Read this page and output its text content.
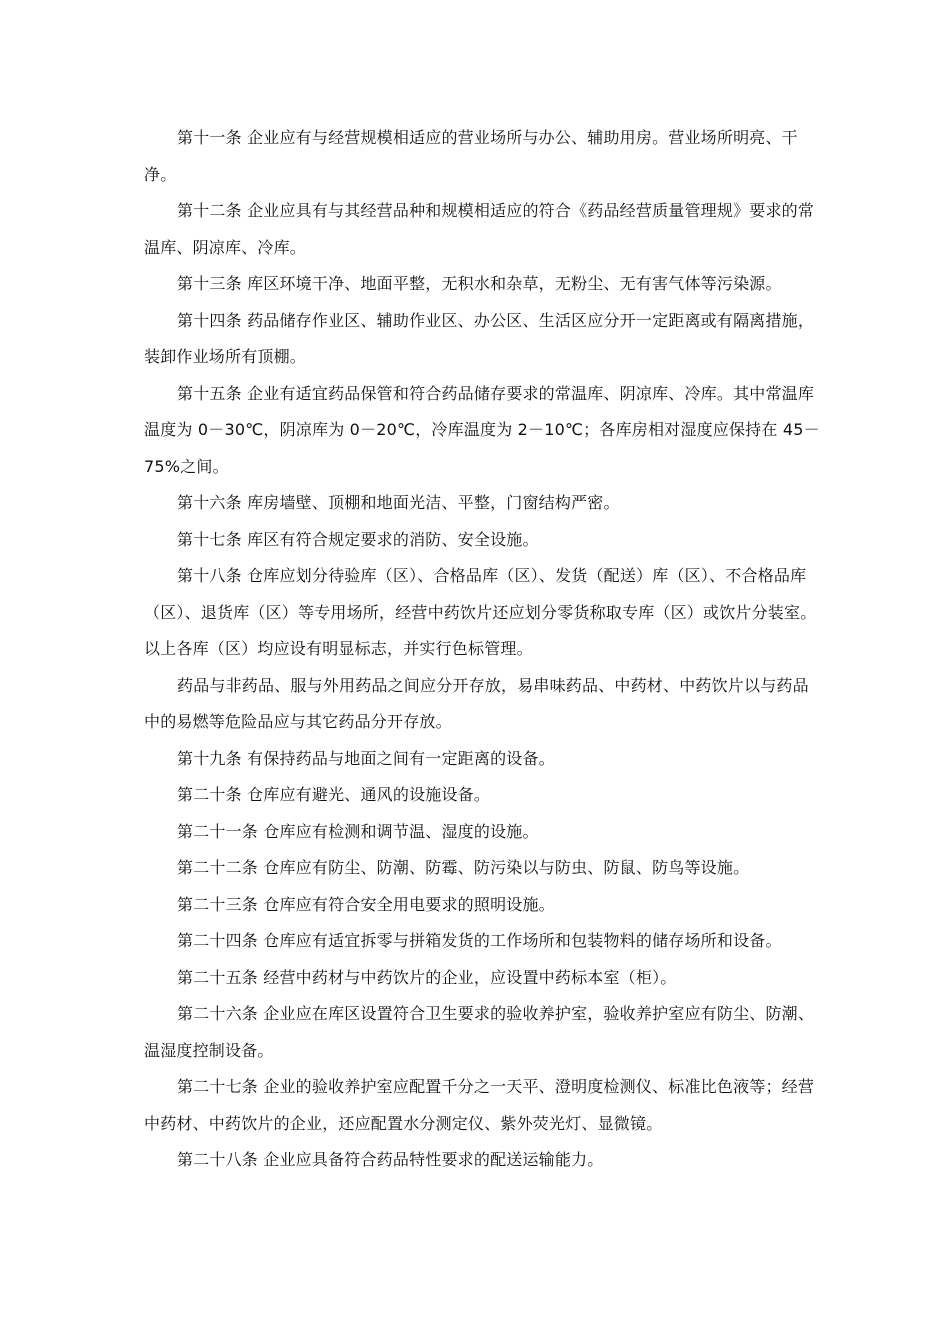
第十一条 企业应有与经营规模相适应的营业场所与办公、辅助用房。营业场所明亮、干净。

第十二条 企业应具有与其经营品种和规模相适应的符合《药品经营质量管理规》要求的常温库、阴凉库、冷库。

第十三条 库区环境干净、地面平整，无积水和杂草，无粉尘、无有害气体等污染源。

第十四条 药品储存作业区、辅助作业区、办公区、生活区应分开一定距离或有隔离措施，装卸作业场所有顶棚。

第十五条 企业有适宜药品保管和符合药品储存要求的常温库、阴凉库、冷库。其中常温库温度为 0－30℃，阴凉库为 0－20℃，冷库温度为 2－10℃；各库房相对湿度应保持在 45－75%之间。

第十六条 库房墙壁、顶棚和地面光洁、平整，门窗结构严密。

第十七条 库区有符合规定要求的消防、安全设施。

第十八条 仓库应划分待验库（区）、合格品库（区）、发货（配送）库（区）、不合格品库（区）、退货库（区）等专用场所，经营中药饮片还应划分零货称取专库（区）或饮片分装室。以上各库（区）均应设有明显标志，并实行色标管理。

药品与非药品、服与外用药品之间应分开存放，易串味药品、中药材、中药饮片以与药品中的易燃等危险品应与其它药品分开存放。

第十九条 有保持药品与地面之间有一定距离的设备。

第二十条 仓库应有避光、通风的设施设备。

第二十一条 仓库应有检测和调节温、湿度的设施。

第二十二条 仓库应有防尘、防潮、防霉、防污染以与防虫、防鼠、防鸟等设施。

第二十三条 仓库应有符合安全用电要求的照明设施。

第二十四条 仓库应有适宜拆零与拼箱发货的工作场所和包装物料的储存场所和设备。

第二十五条 经营中药材与中药饮片的企业，应设置中药标本室（柜）。

第二十六条 企业应在库区设置符合卫生要求的验收养护室，验收养护室应有防尘、防潮、温湿度控制设备。

第二十七条 企业的验收养护室应配置千分之一天平、澄明度检测仪、标准比色液等；经营中药材、中药饮片的企业，还应配置水分测定仪、紫外荧光灯、显微镜。

第二十八条 企业应具备符合药品特性要求的配送运输能力。
